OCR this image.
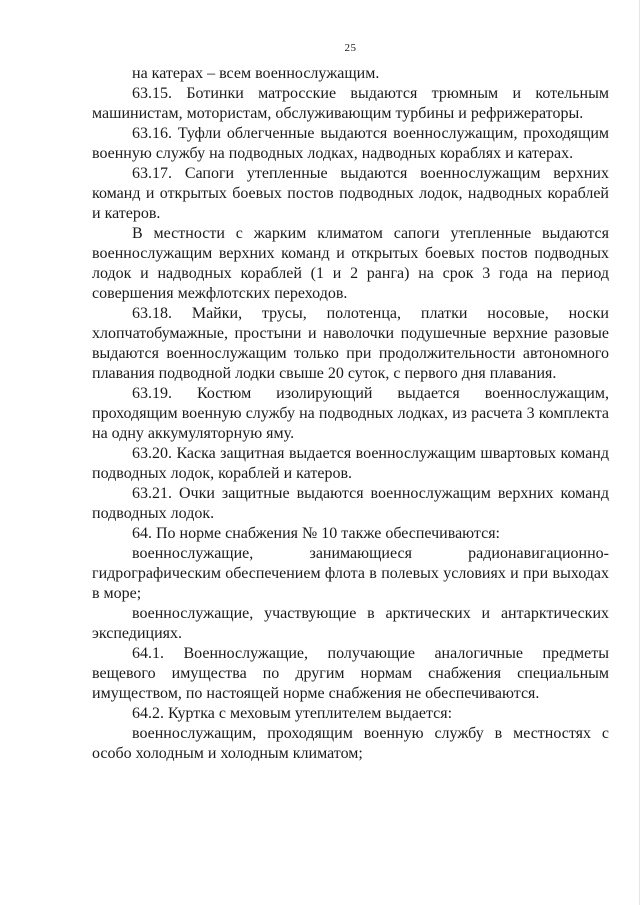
25

на катерах – всем военнослужащим.

63.15. Ботинки матросские выдаются трюмным и котельным машинистам, мотористам, обслуживающим турбины и рефрижераторы.

63.16. Туфли облегченные выдаются военнослужащим, проходящим военную службу на подводных лодках, надводных кораблях и катерах.

63.17. Сапоги утепленные выдаются военнослужащим верхних команд и открытых боевых постов подводных лодок, надводных кораблей и катеров.

В местности с жарким климатом сапоги утепленные выдаются военнослужащим верхних команд и открытых боевых постов подводных лодок и надводных кораблей (1 и 2 ранга) на срок 3 года на период совершения межфлотских переходов.

63.18. Майки, трусы, полотенца, платки носовые, носки хлопчатобумажные, простыни и наволочки подушечные верхние разовые выдаются военнослужащим только при продолжительности автономного плавания подводной лодки свыше 20 суток, с первого дня плавания.

63.19. Костюм изолирующий выдается военнослужащим, проходящим военную службу на подводных лодках, из расчета 3 комплекта на одну аккумуляторную яму.

63.20. Каска защитная выдается военнослужащим швартовых команд подводных лодок, кораблей и катеров.

63.21. Очки защитные выдаются военнослужащим верхних команд подводных лодок.

64. По норме снабжения № 10 также обеспечиваются:

военнослужащие, занимающиеся радионавигационно-гидрографическим обеспечением флота в полевых условиях и при выходах в море;

военнослужащие, участвующие в арктических и антарктических экспедициях.

64.1. Военнослужащие, получающие аналогичные предметы вещевого имущества по другим нормам снабжения специальным имуществом, по настоящей норме снабжения не обеспечиваются.

64.2. Куртка с меховым утеплителем выдается:

военнослужащим, проходящим военную службу в местностях с особо холодным и холодным климатом;
